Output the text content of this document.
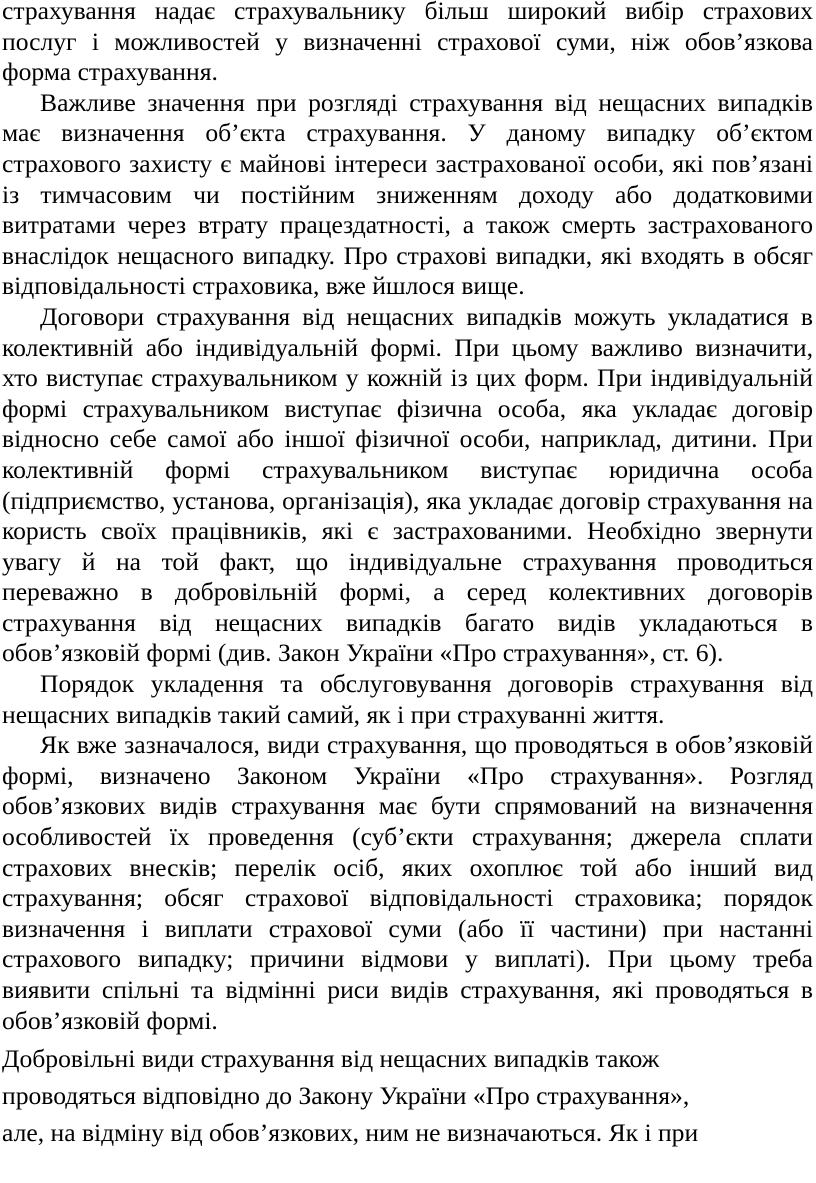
страхування надає страхувальнику більш широкий вибір страхових послуг і можливостей у визначенні страхової суми, ніж обов’язкова форма страхування.

Важливе значення при розгляді страхування від нещасних випадків має визначення об’єкта страхування. У даному випадку об’єктом страхового захисту є майнові інтереси застрахованої особи, які пов’язані із тимчасовим чи постійним зниженням доходу або додатковими витратами через втрату працездатності, а також смерть застрахованого внаслідок нещасного випадку. Про страхові випадки, які входять в обсяг відповідальності страховика, вже йшлося вище.

Договори страхування від нещасних випадків можуть укладатися в колективній або індивідуальній формі. При цьому важливо визначити, хто виступає страхувальником у кожній із цих форм. При індивідуальній формі страхувальником виступає фізична особа, яка укладає договір відносно себе самої або іншої фізичної особи, наприклад, дитини. При колективній формі страхувальником виступає юридична особа (підприємство, установа, організація), яка укладає договір страхування на користь своїх працівників, які є застрахованими. Необхідно звернути увагу й на той факт, що індивідуальне страхування проводиться переважно в добровільній формі, а серед колективних договорів страхування від нещасних випадків багато видів укладаються в обов’язковій формі (див. Закон України «Про страхування», ст. 6).

Порядок укладення та обслуговування договорів страхування від нещасних випадків такий самий, як і при страхуванні життя.

Як вже зазначалося, види страхування, що проводяться в обов’язковій формі, визначено Законом України «Про страхування». Розгляд обов’язкових видів страхування має бути спрямований на визначення особливостей їх проведення (суб’єкти страхування; джерела сплати страхових внесків; перелік осіб, яких охоплює той або інший вид страхування; обсяг страхової відповідальності страховика; порядок визначення і виплати страхової суми (або її частини) при настанні страхового випадку; причини відмови у виплаті). При цьому треба виявити спільні та відмінні риси видів страхування, які проводяться в обов’язковій формі.

Добровільні види страхування від нещасних випадків також
проводяться відповідно до Закону України «Про страхування»,
але, на відміну від обов’язкових, ним не визначаються. Як і при
